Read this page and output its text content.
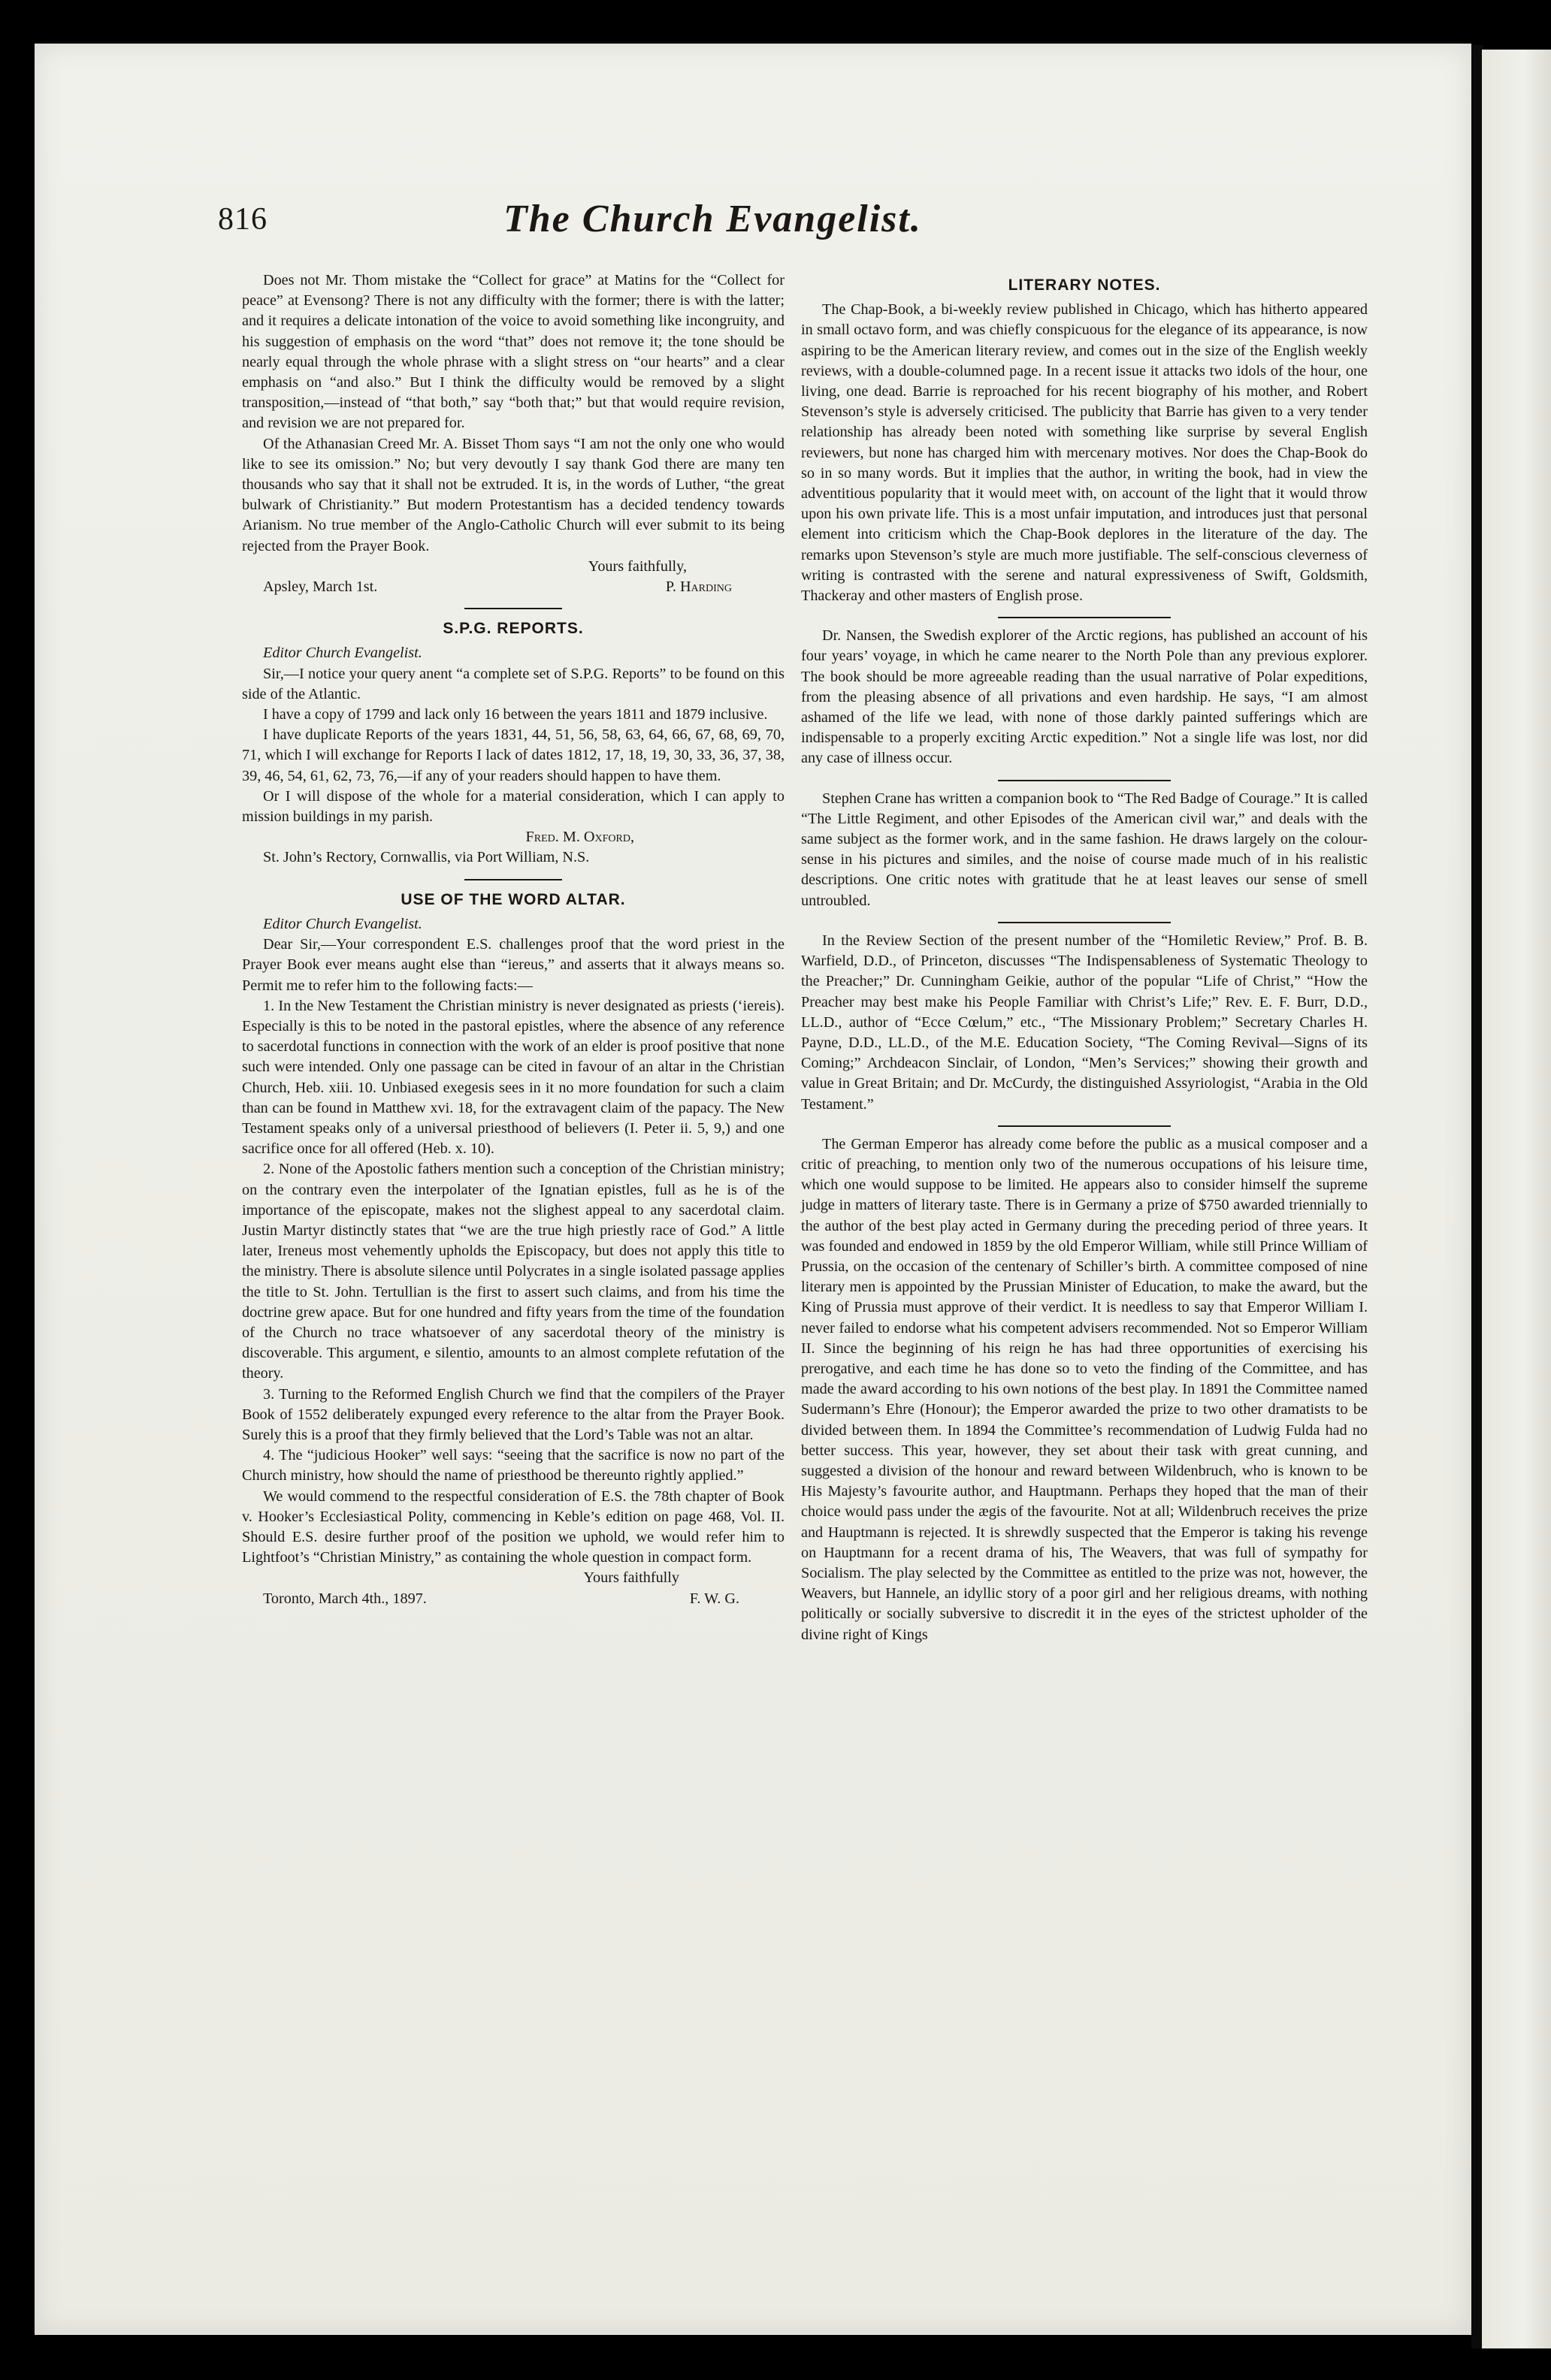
816	The Church Evangelist.

Does not Mr. Thom mistake the “Collect for grace” at Matins for the “Collect for peace” at Evensong? There is not any difficulty with the former; there is with the latter; and it requires a delicate intonation of the voice to avoid something like incongruity, and his suggestion of emphasis on the word “that” does not remove it; the tone should be nearly equal through the whole phrase with a slight stress on “our hearts” and a clear emphasis on “and also.” But I think the difficulty would be removed by a slight transposition,—instead of “that both,” say “both that;” but that would require revision, and revision we are not prepared for.

Of the Athanasian Creed Mr. A. Bisset Thom says “I am not the only one who would like to see its omission.” No; but very devoutly I say thank God there are many ten thousands who say that it shall not be extruded. It is, in the words of Luther, “the great bulwark of Christianity.” But modern Protestantism has a decided tendency towards Arianism. No true member of the Anglo-Catholic Church will ever submit to its being rejected from the Prayer Book.

Yours faithfully,

Apsley, March 1st.	P. Harding

S.P.G. REPORTS.

Editor Church Evangelist.

Sir,—I notice your query anent “a complete set of S.P.G. Reports” to be found on this side of the Atlantic.

I have a copy of 1799 and lack only 16 between the years 1811 and 1879 inclusive.

I have duplicate Reports of the years 1831, 44, 51, 56, 58, 63, 64, 66, 67, 68, 69, 70, 71, which I will exchange for Reports I lack of dates 1812, 17, 18, 19, 30, 33, 36, 37, 38, 39, 46, 54, 61, 62, 73, 76,—if any of your readers should happen to have them.

Or I will dispose of the whole for a material consideration, which I can apply to mission buildings in my parish.

Fred. M. Oxford,

St. John’s Rectory, Cornwallis, via Port William, N.S.

USE OF THE WORD ALTAR.

Editor Church Evangelist.

Dear Sir,—Your correspondent E.S. challenges proof that the word priest in the Prayer Book ever means aught else than “iereus,” and asserts that it always means so. Permit me to refer him to the following facts:—

1. In the New Testament the Christian ministry is never designated as priests (‘iereis). Especially is this to be noted in the pastoral epistles, where the absence of any reference to sacerdotal functions in connection with the work of an elder is proof positive that none such were intended. Only one passage can be cited in favour of an altar in the Christian Church, Heb. xiii. 10. Unbiased exegesis sees in it no more foundation for such a claim than can be found in Matthew xvi. 18, for the extravagent claim of the papacy. The New Testament speaks only of a universal priesthood of believers (I. Peter ii. 5, 9,) and one sacrifice once for all offered (Heb. x. 10).

2. None of the Apostolic fathers mention such a conception of the Christian ministry; on the contrary even the interpolater of the Ignatian epistles, full as he is of the importance of the episcopate, makes not the slighest appeal to any sacerdotal claim. Justin Martyr distinctly states that “we are the true high priestly race of God.” A little later, Ireneus most vehemently upholds the Episcopacy, but does not apply this title to the ministry. There is absolute silence until Polycrates in a single isolated passage applies the title to St. John. Tertullian is the first to assert such claims, and from his time the doctrine grew apace. But for one hundred and fifty years from the time of the foundation of the Church no trace whatsoever of any sacerdotal theory of the ministry is discoverable. This argument, e silentio, amounts to an almost complete refutation of the theory.

3. Turning to the Reformed English Church we find that the compilers of the Prayer Book of 1552 deliberately expunged every reference to the altar from the Prayer Book. Surely this is a proof that they firmly believed that the Lord’s Table was not an altar.

4. The “judicious Hooker” well says: “seeing that the sacrifice is now no part of the Church ministry, how should the name of priesthood be thereunto rightly applied.”

We would commend to the respectful consideration of E.S. the 78th chapter of Book v. Hooker’s Ecclesiastical Polity, commencing in Keble’s edition on page 468, Vol. II. Should E.S. desire further proof of the position we uphold, we would refer him to Lightfoot’s “Christian Ministry,” as containing the whole question in compact form.

Yours faithfully

Toronto, March 4th., 1897.	F. W. G.

LITERARY NOTES.

The Chap-Book, a bi-weekly review published in Chicago, which has hitherto appeared in small octavo form, and was chiefly conspicuous for the elegance of its appearance, is now aspiring to be the American literary review, and comes out in the size of the English weekly reviews, with a double-columned page. In a recent issue it attacks two idols of the hour, one living, one dead. Barrie is reproached for his recent biography of his mother, and Robert Stevenson’s style is adversely criticised. The publicity that Barrie has given to a very tender relationship has already been noted with something like surprise by several English reviewers, but none has charged him with mercenary motives. Nor does the Chap-Book do so in so many words. But it implies that the author, in writing the book, had in view the adventitious popularity that it would meet with, on account of the light that it would throw upon his own private life. This is a most unfair imputation, and introduces just that personal element into criticism which the Chap-Book deplores in the literature of the day. The remarks upon Stevenson’s style are much more justifiable. The self-conscious cleverness of writing is contrasted with the serene and natural expressiveness of Swift, Goldsmith, Thackeray and other masters of English prose.

Dr. Nansen, the Swedish explorer of the Arctic regions, has published an account of his four years’ voyage, in which he came nearer to the North Pole than any previous explorer. The book should be more agreeable reading than the usual narrative of Polar expeditions, from the pleasing absence of all privations and even hardship. He says, “I am almost ashamed of the life we lead, with none of those darkly painted sufferings which are indispensable to a properly exciting Arctic expedition.” Not a single life was lost, nor did any case of illness occur.

Stephen Crane has written a companion book to “The Red Badge of Courage.” It is called “The Little Regiment, and other Episodes of the American civil war,” and deals with the same subject as the former work, and in the same fashion. He draws largely on the colour-sense in his pictures and similes, and the noise of course made much of in his realistic descriptions. One critic notes with gratitude that he at least leaves our sense of smell untroubled.

In the Review Section of the present number of the “Homiletic Review,” Prof. B. B. Warfield, D.D., of Princeton, discusses “The Indispensableness of Systematic Theology to the Preacher;” Dr. Cunningham Geikie, author of the popular “Life of Christ,” “How the Preacher may best make his People Familiar with Christ’s Life;” Rev. E. F. Burr, D.D., LL.D., author of “Ecce Cœlum,” etc., “The Missionary Problem;” Secretary Charles H. Payne, D.D., LL.D., of the M.E. Education Society, “The Coming Revival—Signs of its Coming;” Archdeacon Sinclair, of London, “Men’s Services;” showing their growth and value in Great Britain; and Dr. McCurdy, the distinguished Assyriologist, “Arabia in the Old Testament.”

The German Emperor has already come before the public as a musical composer and a critic of preaching, to mention only two of the numerous occupations of his leisure time, which one would suppose to be limited. He appears also to consider himself the supreme judge in matters of literary taste. There is in Germany a prize of $750 awarded triennially to the author of the best play acted in Germany during the preceding period of three years. It was founded and endowed in 1859 by the old Emperor William, while still Prince William of Prussia, on the occasion of the centenary of Schiller’s birth. A committee composed of nine literary men is appointed by the Prussian Minister of Education, to make the award, but the King of Prussia must approve of their verdict. It is needless to say that Emperor William I. never failed to endorse what his competent advisers recommended. Not so Emperor William II. Since the beginning of his reign he has had three opportunities of exercising his prerogative, and each time he has done so to veto the finding of the Committee, and has made the award according to his own notions of the best play. In 1891 the Committee named Sudermann’s Ehre (Honour); the Emperor awarded the prize to two other dramatists to be divided between them. In 1894 the Committee’s recommendation of Ludwig Fulda had no better success. This year, however, they set about their task with great cunning, and suggested a division of the honour and reward between Wildenbruch, who is known to be His Majesty’s favourite author, and Hauptmann. Perhaps they hoped that the man of their choice would pass under the ægis of the favourite. Not at all; Wildenbruch receives the prize and Hauptmann is rejected. It is shrewdly suspected that the Emperor is taking his revenge on Hauptmann for a recent drama of his, The Weavers, that was full of sympathy for Socialism. The play selected by the Committee as entitled to the prize was not, however, the Weavers, but Hannele, an idyllic story of a poor girl and her religious dreams, with nothing politically or socially subversive to discredit it in the eyes of the strictest upholder of the divine right of Kings
